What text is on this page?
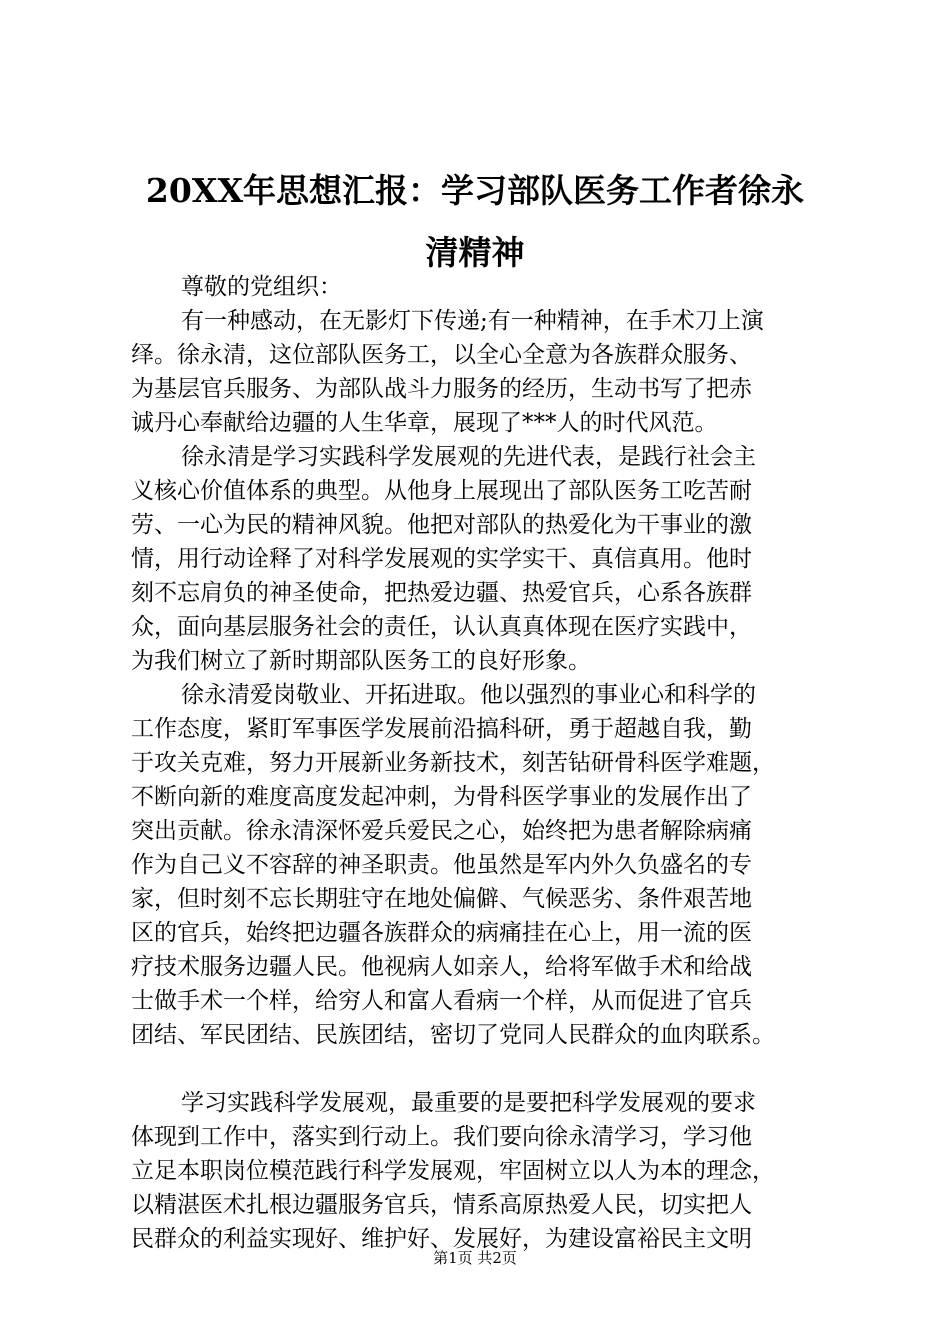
20XX年思想汇报：学习部队医务工作者徐永
清精神
尊敬的党组织：
有一种感动，在无影灯下传递;有一种精神，在手术刀上演
绎。徐永清，这位部队医务工，以全心全意为各族群众服务、
为基层官兵服务、为部队战斗力服务的经历，生动书写了把赤
诚丹心奉献给边疆的人生华章，展现了***人的时代风范。
徐永清是学习实践科学发展观的先进代表，是践行社会主
义核心价值体系的典型。从他身上展现出了部队医务工吃苦耐
劳、一心为民的精神风貌。他把对部队的热爱化为干事业的激
情，用行动诠释了对科学发展观的实学实干、真信真用。他时
刻不忘肩负的神圣使命，把热爱边疆、热爱官兵，心系各族群
众，面向基层服务社会的责任，认认真真体现在医疗实践中，
为我们树立了新时期部队医务工的良好形象。
徐永清爱岗敬业、开拓进取。他以强烈的事业心和科学的
工作态度，紧盯军事医学发展前沿搞科研，勇于超越自我，勤
于攻关克难，努力开展新业务新技术，刻苦钻研骨科医学难题，
不断向新的难度高度发起冲刺，为骨科医学事业的发展作出了
突出贡献。徐永清深怀爱兵爱民之心，始终把为患者解除病痛
作为自己义不容辞的神圣职责。他虽然是军内外久负盛名的专
家，但时刻不忘长期驻守在地处偏僻、气候恶劣、条件艰苦地
区的官兵，始终把边疆各族群众的病痛挂在心上，用一流的医
疗技术服务边疆人民。他视病人如亲人，给将军做手术和给战
士做手术一个样，给穷人和富人看病一个样，从而促进了官兵
团结、军民团结、民族团结，密切了党同人民群众的血肉联系。
学习实践科学发展观，最重要的是要把科学发展观的要求
体现到工作中，落实到行动上。我们要向徐永清学习，学习他
立足本职岗位模范践行科学发展观，牢固树立以人为本的理念，
以精湛医术扎根边疆服务官兵，情系高原热爱人民，切实把人
民群众的利益实现好、维护好、发展好，为建设富裕民主文明
第1页 共2页
